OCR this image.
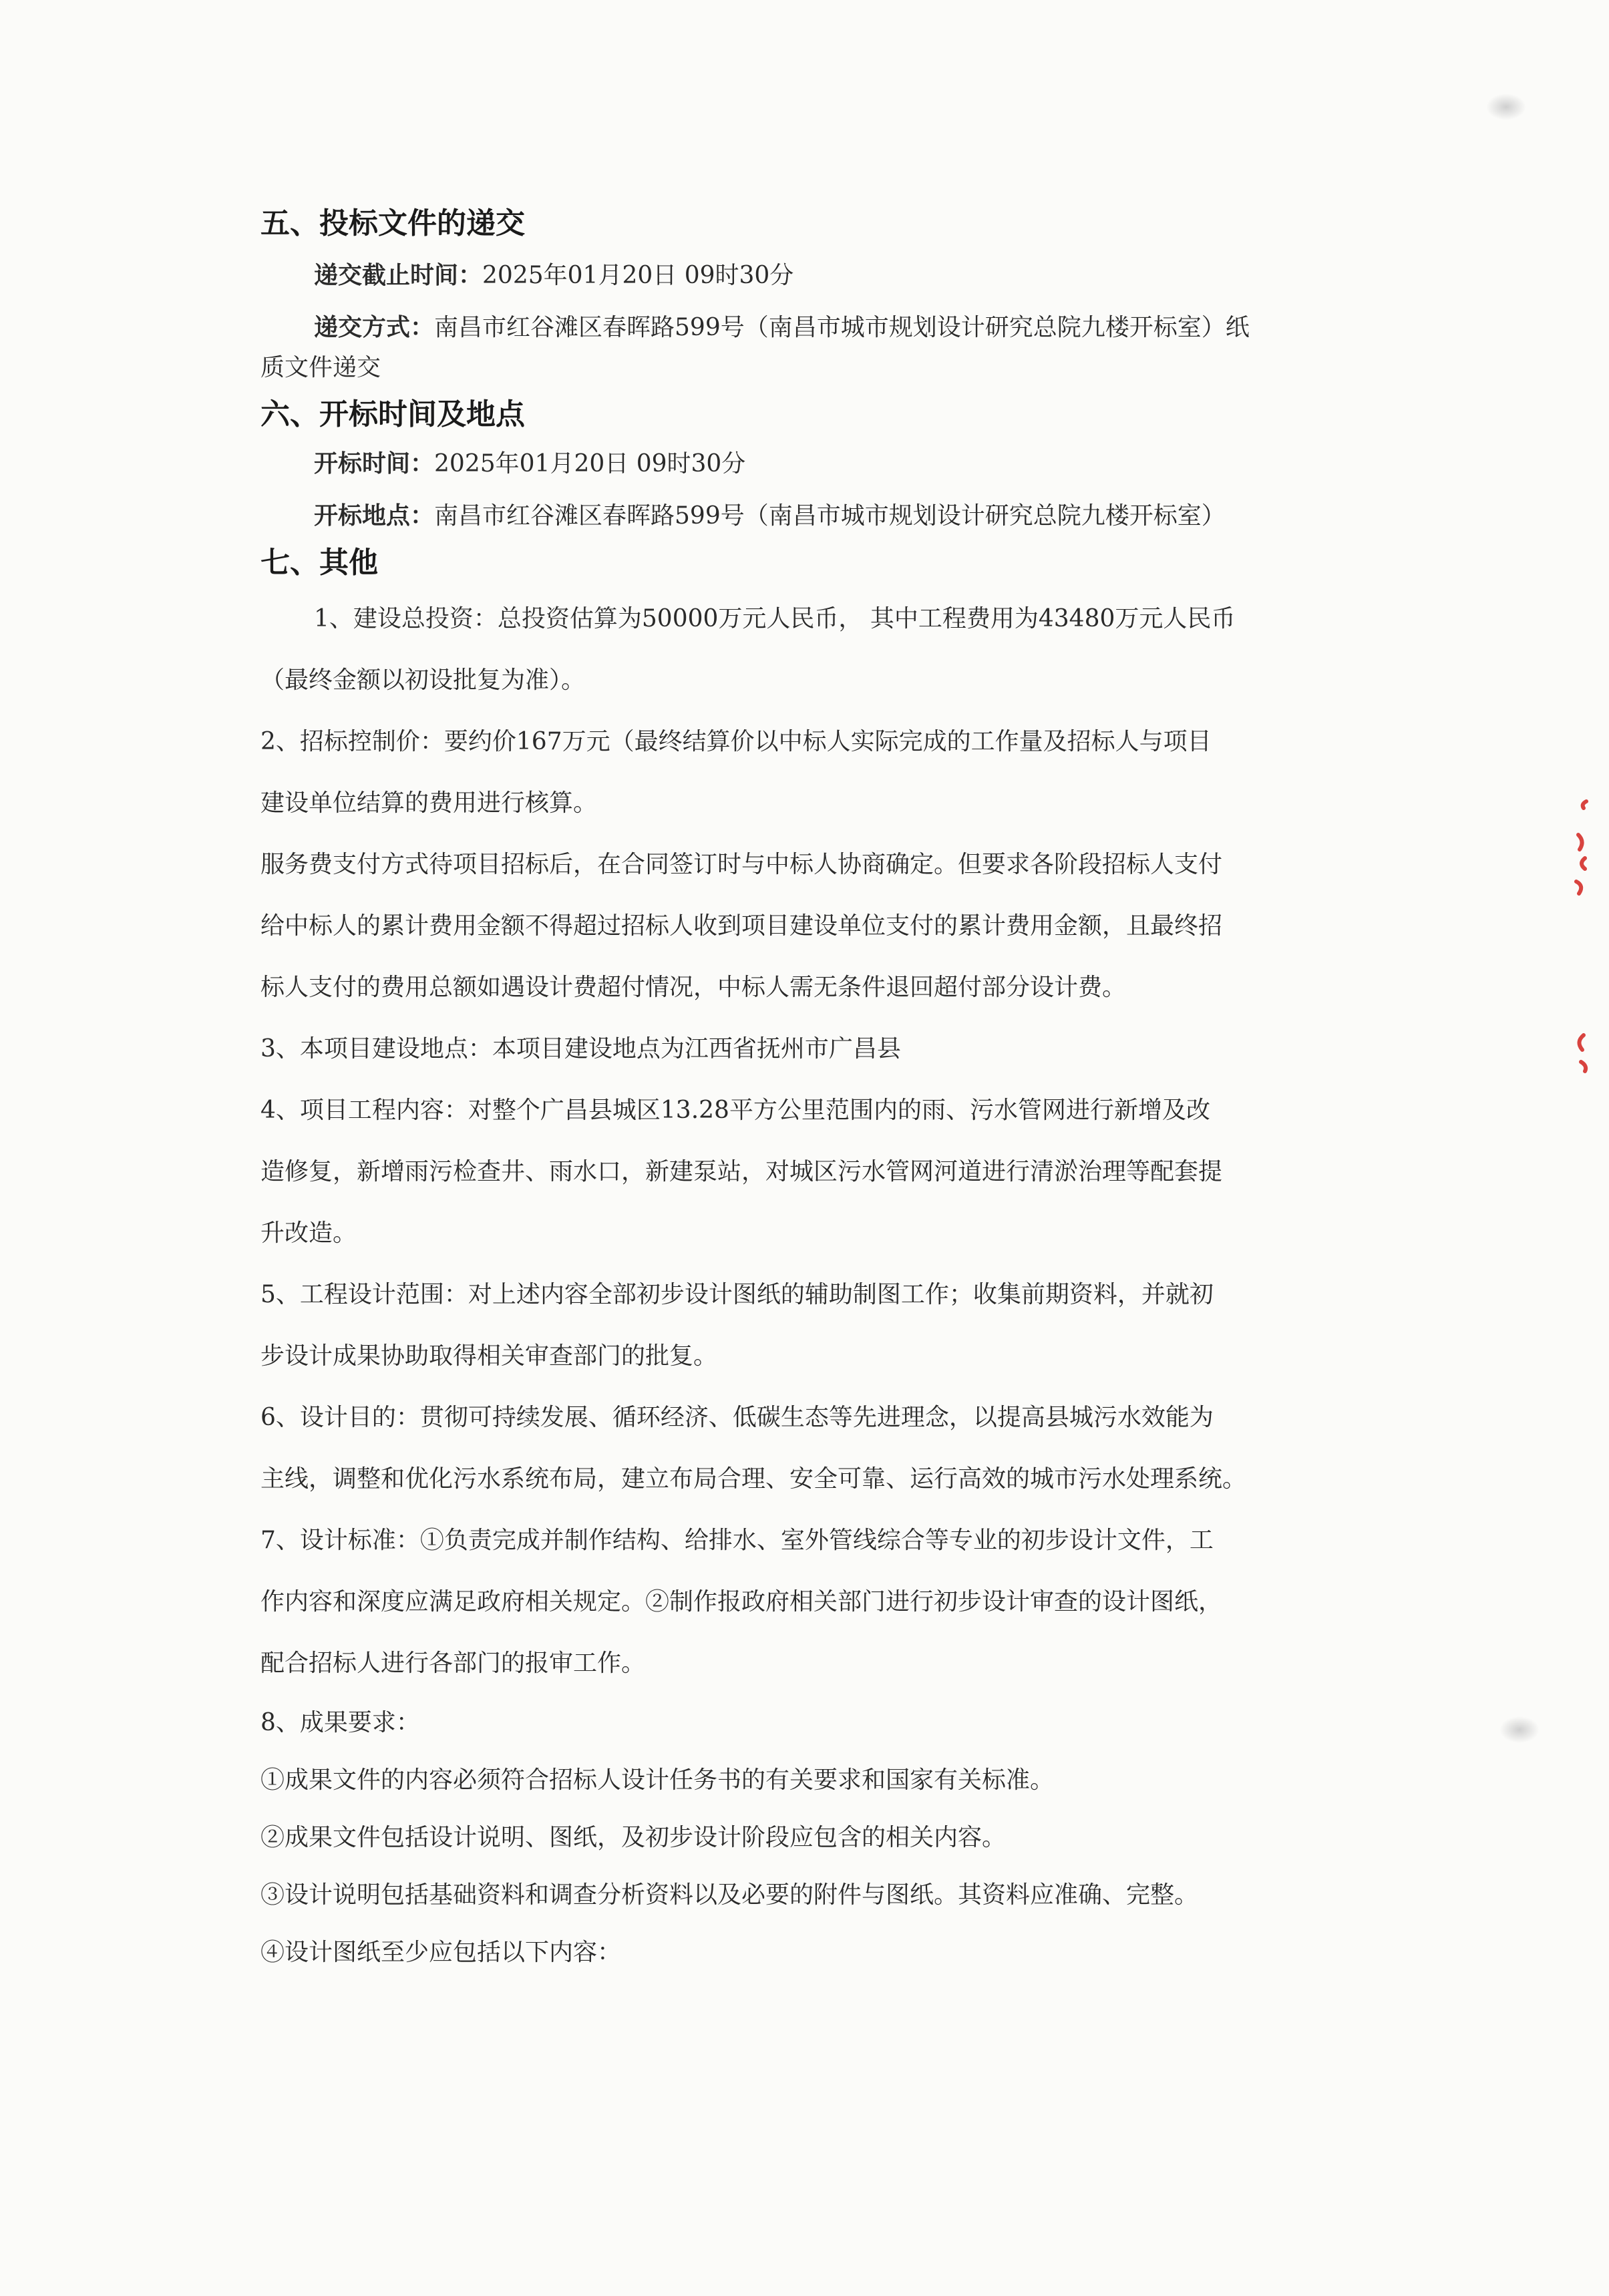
五、投标文件的递交
递交截止时间：2025年01月20日 09时30分
递交方式：南昌市红谷滩区春晖路599号（南昌市城市规划设计研究总院九楼开标室）纸
质文件递交
六、开标时间及地点
开标时间：2025年01月20日 09时30分
开标地点：南昌市红谷滩区春晖路599号（南昌市城市规划设计研究总院九楼开标室）
七、其他
1、建设总投资：总投资估算为50000万元人民币， 其中工程费用为43480万元人民币
（最终金额以初设批复为准）。
2、招标控制价：要约价167万元（最终结算价以中标人实际完成的工作量及招标人与项目
建设单位结算的费用进行核算。
服务费支付方式待项目招标后，在合同签订时与中标人协商确定。但要求各阶段招标人支付
给中标人的累计费用金额不得超过招标人收到项目建设单位支付的累计费用金额，且最终招
标人支付的费用总额如遇设计费超付情况，中标人需无条件退回超付部分设计费。
3、本项目建设地点：本项目建设地点为江西省抚州市广昌县
4、项目工程内容：对整个广昌县城区13.28平方公里范围内的雨、污水管网进行新增及改
造修复，新增雨污检查井、雨水口，新建泵站，对城区污水管网河道进行清淤治理等配套提
升改造。
5、工程设计范围：对上述内容全部初步设计图纸的辅助制图工作；收集前期资料，并就初
步设计成果协助取得相关审查部门的批复。
6、设计目的：贯彻可持续发展、循环经济、低碳生态等先进理念，以提高县城污水效能为
主线，调整和优化污水系统布局，建立布局合理、安全可靠、运行高效的城市污水处理系统。
7、设计标准：①负责完成并制作结构、给排水、室外管线综合等专业的初步设计文件，工
作内容和深度应满足政府相关规定。②制作报政府相关部门进行初步设计审查的设计图纸，
配合招标人进行各部门的报审工作。
8、成果要求：
①成果文件的内容必须符合招标人设计任务书的有关要求和国家有关标准。
②成果文件包括设计说明、图纸，及初步设计阶段应包含的相关内容。
③设计说明包括基础资料和调查分析资料以及必要的附件与图纸。其资料应准确、完整。
④设计图纸至少应包括以下内容：
